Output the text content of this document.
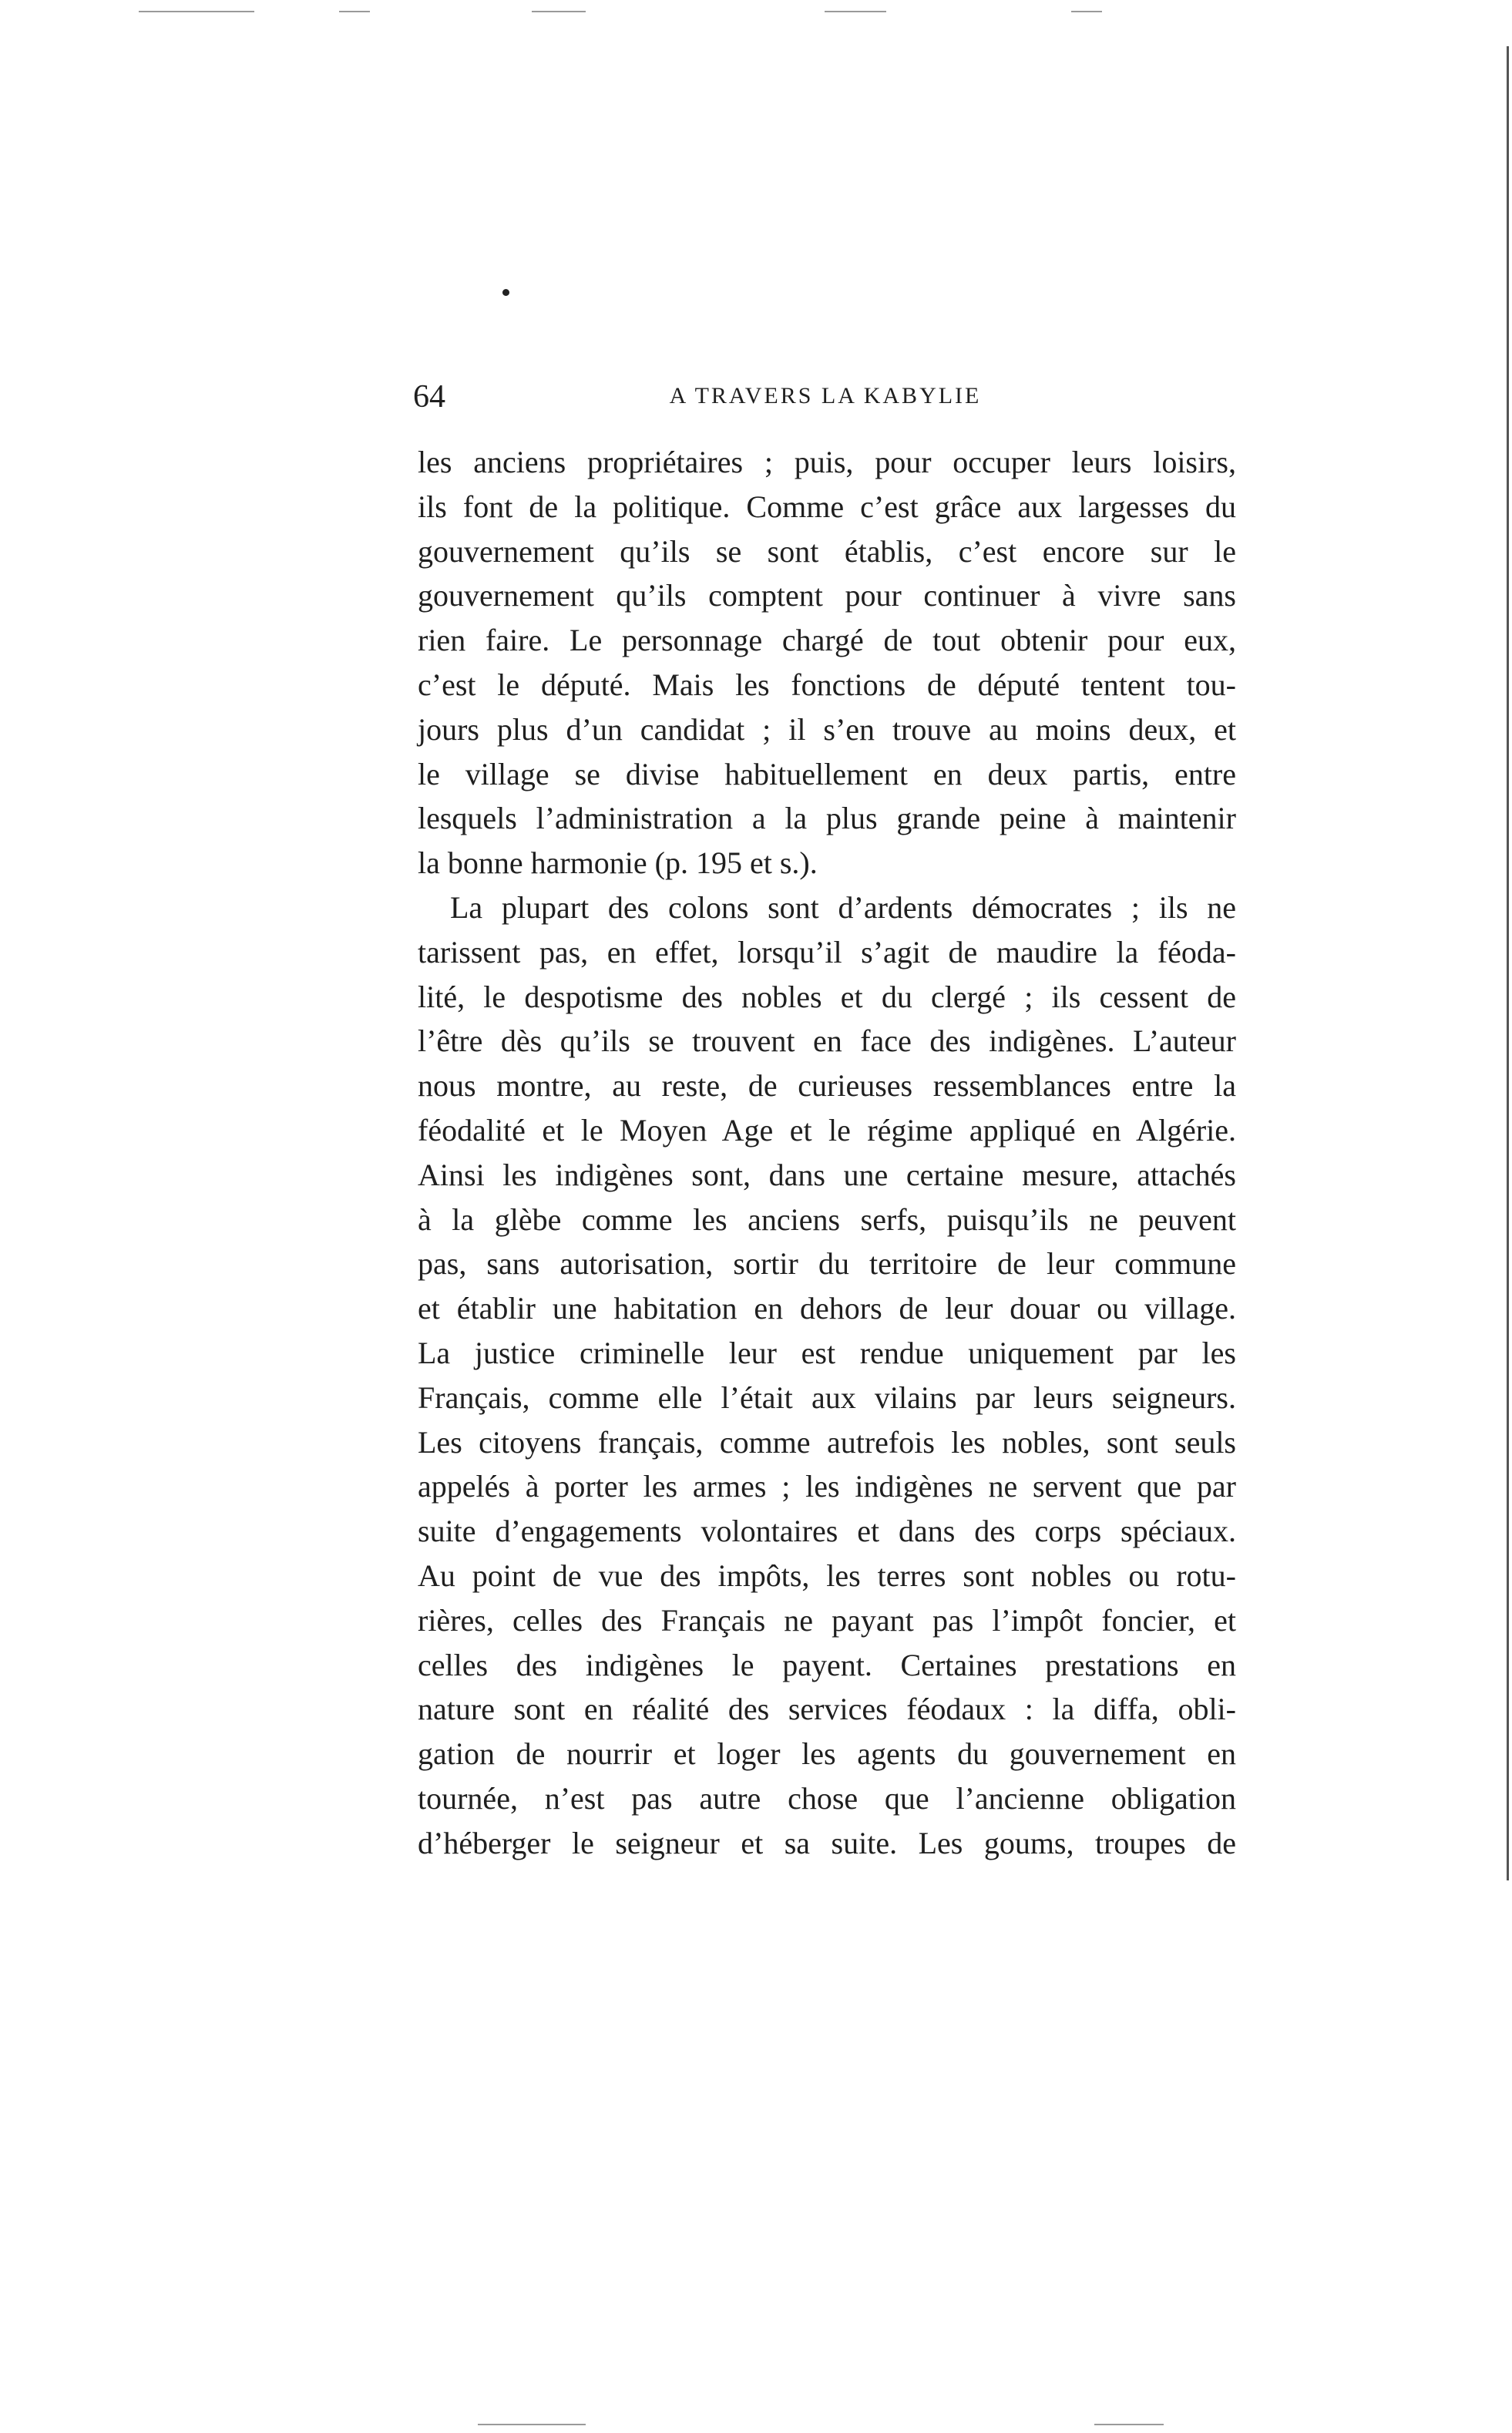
64	A TRAVERS LA KABYLIE
les anciens propriétaires ; puis, pour occuper leurs loisirs,
ils font de la politique. Comme c’est grâce aux largesses du
gouvernement qu’ils se sont établis, c’est encore sur le
gouvernement qu’ils comptent pour continuer à vivre sans
rien faire. Le personnage chargé de tout obtenir pour eux,
c’est le député. Mais les fonctions de député tentent tou-
jours plus d’un candidat ; il s’en trouve au moins deux, et
le village se divise habituellement en deux partis, entre
lesquels l’administration a la plus grande peine à maintenir
la bonne harmonie (p. 195 et s.).
La plupart des colons sont d’ardents démocrates ; ils ne
tarissent pas, en effet, lorsqu’il s’agit de maudire la féoda-
lité, le despotisme des nobles et du clergé ; ils cessent de
l’être dès qu’ils se trouvent en face des indigènes. L’auteur
nous montre, au reste, de curieuses ressemblances entre la
féodalité et le Moyen Age et le régime appliqué en Algérie.
Ainsi les indigènes sont, dans une certaine mesure, attachés
à la glèbe comme les anciens serfs, puisqu’ils ne peuvent
pas, sans autorisation, sortir du territoire de leur commune
et établir une habitation en dehors de leur douar ou village.
La justice criminelle leur est rendue uniquement par les
Français, comme elle l’était aux vilains par leurs seigneurs.
Les citoyens français, comme autrefois les nobles, sont seuls
appelés à porter les armes ; les indigènes ne servent que par
suite d’engagements volontaires et dans des corps spéciaux.
Au point de vue des impôts, les terres sont nobles ou rotu-
rières, celles des Français ne payant pas l’impôt foncier, et
celles des indigènes le payent. Certaines prestations en
nature sont en réalité des services féodaux : la diffa, obli-
gation de nourrir et loger les agents du gouvernement en
tournée, n’est pas autre chose que l’ancienne obligation
d’héberger le seigneur et sa suite. Les goums, troupes de
